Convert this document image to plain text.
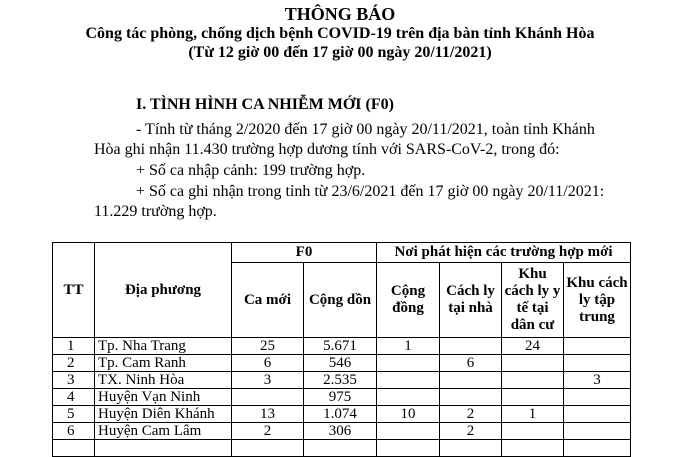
THÔNG BÁO
Công tác phòng, chống dịch bệnh COVID-19 trên địa bàn tỉnh Khánh Hòa
(Từ 12 giờ 00 đến 17 giờ 00 ngày 20/11/2021)
I. TÌNH HÌNH CA NHIỄM MỚI (F0)
- Tính từ tháng 2/2020 đến 17 giờ 00 ngày 20/11/2021, toàn tỉnh Khánh
Hòa ghi nhận 11.430 trường hợp dương tính với SARS-CoV-2, trong đó:
+ Số ca nhập cảnh: 199 trường hợp.
+ Số ca ghi nhận trong tỉnh từ 23/6/2021 đến 17 giờ 00 ngày 20/11/2021:
11.229 trường hợp.
TT	Địa phương	F0		Nơi phát hiện các trường hợp mới			
		Ca mới	Cộng dồn	Cộng đồng	Cách ly tại nhà	Khu cách ly y tế tại dân cư	Khu cách ly tập trung
1	Tp. Nha Trang	25	5.671	1		24	
2	Tp. Cam Ranh	6	546		6		
3	TX. Ninh Hòa	3	2.535				3
4	Huyện Vạn Ninh		975				
5	Huyện Diên Khánh	13	1.074	10	2	1	
6	Huyện Cam Lâm	2	306		2		
